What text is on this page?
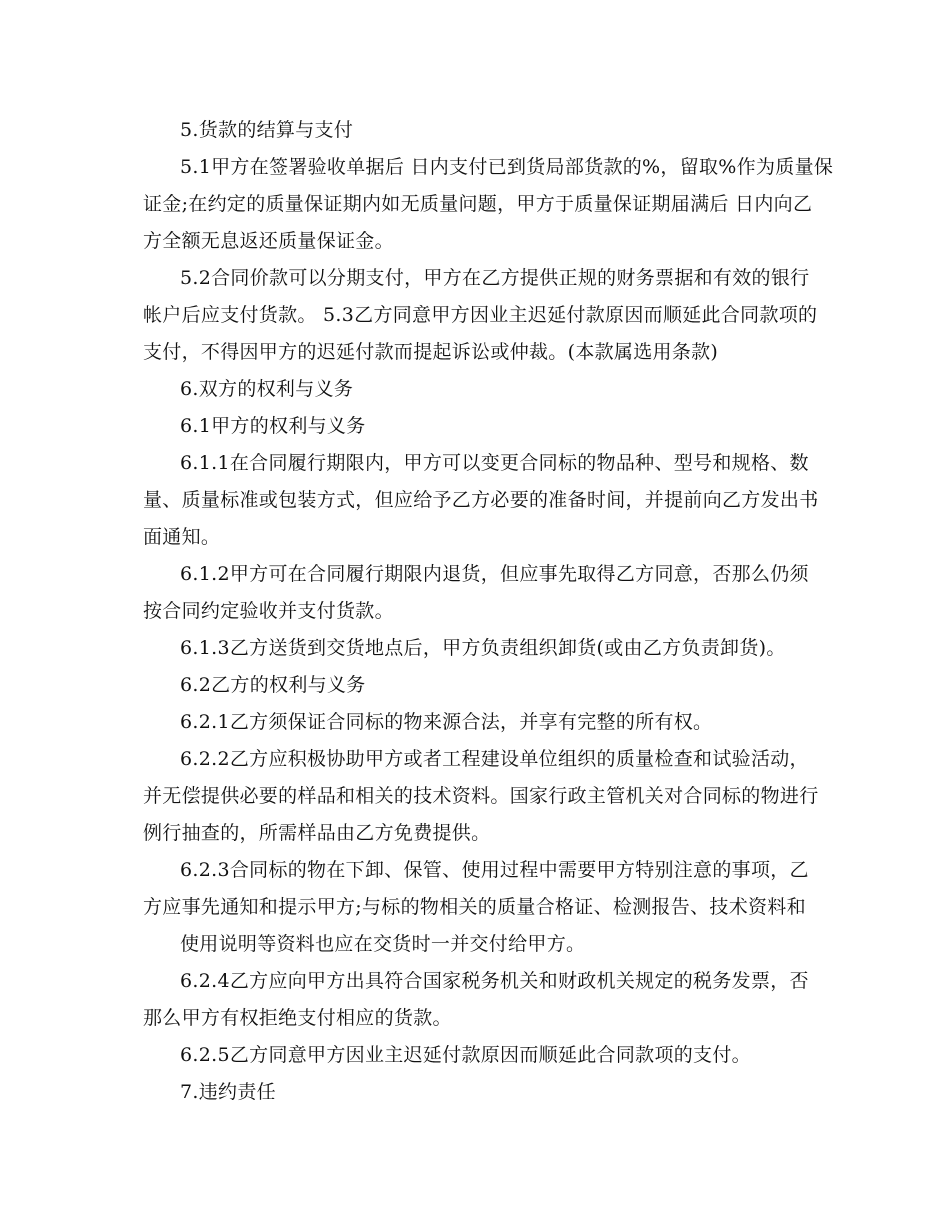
5.货款的结算与支付
5.1甲方在签署验收单据后 日内支付已到货局部货款的%，留取%作为质量保
证金;在约定的质量保证期内如无质量问题，甲方于质量保证期届满后 日内向乙
方全额无息返还质量保证金。
5.2合同价款可以分期支付，甲方在乙方提供正规的财务票据和有效的银行
帐户后应支付货款。 5.3乙方同意甲方因业主迟延付款原因而顺延此合同款项的
支付，不得因甲方的迟延付款而提起诉讼或仲裁。(本款属选用条款)
6.双方的权利与义务
6.1甲方的权利与义务
6.1.1在合同履行期限内，甲方可以变更合同标的物品种、型号和规格、数
量、质量标准或包装方式，但应给予乙方必要的准备时间，并提前向乙方发出书
面通知。
6.1.2甲方可在合同履行期限内退货，但应事先取得乙方同意，否那么仍须
按合同约定验收并支付货款。
6.1.3乙方送货到交货地点后，甲方负责组织卸货(或由乙方负责卸货)。
6.2乙方的权利与义务
6.2.1乙方须保证合同标的物来源合法，并享有完整的所有权。
6.2.2乙方应积极协助甲方或者工程建设单位组织的质量检查和试验活动，
并无偿提供必要的样品和相关的技术资料。国家行政主管机关对合同标的物进行
例行抽查的，所需样品由乙方免费提供。
6.2.3合同标的物在下卸、保管、使用过程中需要甲方特别注意的事项，乙
方应事先通知和提示甲方;与标的物相关的质量合格证、检测报告、技术资料和
使用说明等资料也应在交货时一并交付给甲方。
6.2.4乙方应向甲方出具符合国家税务机关和财政机关规定的税务发票，否
那么甲方有权拒绝支付相应的货款。
6.2.5乙方同意甲方因业主迟延付款原因而顺延此合同款项的支付。
7.违约责任
